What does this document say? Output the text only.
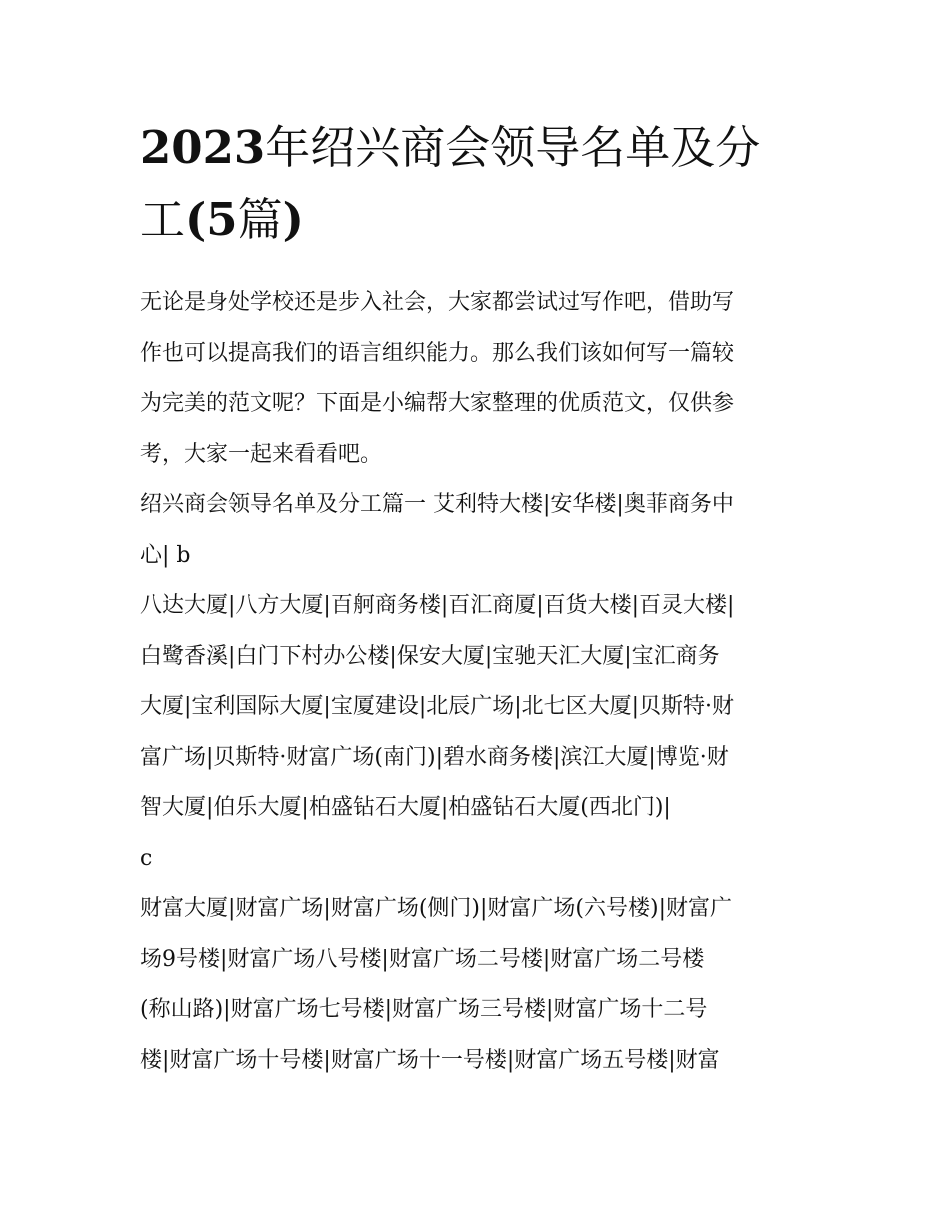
2023年绍兴商会领导名单及分
工(5篇)
无论是身处学校还是步入社会，大家都尝试过写作吧，借助写
作也可以提高我们的语言组织能力。那么我们该如何写一篇较
为完美的范文呢？下面是小编帮大家整理的优质范文，仅供参
考，大家一起来看看吧。
绍兴商会领导名单及分工篇一 艾利特大楼|安华楼|奥菲商务中
心| b
八达大厦|八方大厦|百舸商务楼|百汇商厦|百货大楼|百灵大楼|
白鹭香溪|白门下村办公楼|保安大厦|宝驰天汇大厦|宝汇商务
大厦|宝利国际大厦|宝厦建设|北辰广场|北七区大厦|贝斯特·财
富广场|贝斯特·财富广场(南门)|碧水商务楼|滨江大厦|博览·财
智大厦|伯乐大厦|柏盛钻石大厦|柏盛钻石大厦(西北门)|
c
财富大厦|财富广场|财富广场(侧门)|财富广场(六号楼)|财富广
场9号楼|财富广场八号楼|财富广场二号楼|财富广场二号楼
(称山路)|财富广场七号楼|财富广场三号楼|财富广场十二号
楼|财富广场十号楼|财富广场十一号楼|财富广场五号楼|财富
